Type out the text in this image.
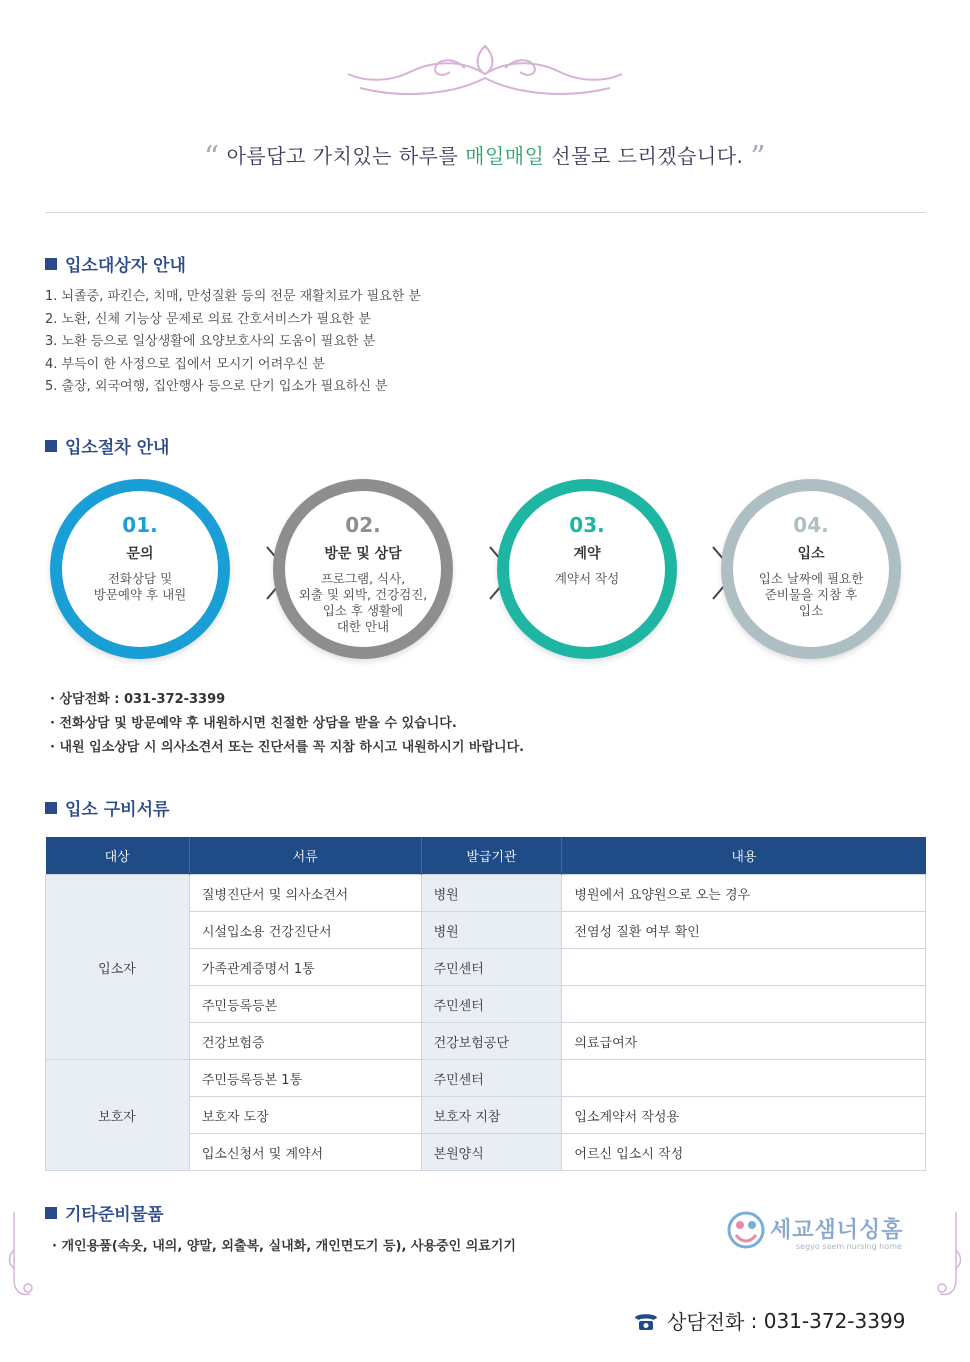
“ 아름답고 가치있는 하루를 매일매일 선물로 드리겠습니다. ”
입소대상자 안내
1. 뇌졸중, 파킨슨, 치매, 만성질환 등의 전문 재활치료가 필요한 분
2. 노환, 신체 기능상 문제로 의료 간호서비스가 필요한 분
3. 노환 등으로 일상생활에 요양보호사의 도움이 필요한 분
4. 부득이 한 사정으로 집에서 모시기 어려우신 분
5. 출장, 외국여행, 집안행사 등으로 단기 입소가 필요하신 분
입소절차 안내
01.
문의
전화상담 및
방문예약 후 내원
02.
방문 및 상담
프로그램, 식사,
외출 및 외박, 건강검진,
입소 후 생활에
대한 안내
03.
계약
계약서 작성
04.
입소
입소 날짜에 필요한
준비물을 지참 후
입소
· 상담전화 : 031-372-3399
· 전화상담 및 방문예약 후 내원하시면 친절한 상담을 받을 수 있습니다.
· 내원 입소상담 시 의사소견서 또는 진단서를 꼭 지참 하시고 내원하시기 바랍니다.
입소 구비서류
대상	서류	발급기관	내용
입소자	질병진단서 및 의사소견서	병원	병원에서 요양원으로 오는 경우
	시설입소용 건강진단서	병원	전염성 질환 여부 확인
	가족관계증명서 1통	주민센터	
	주민등록등본	주민센터	
	건강보험증	건강보험공단	의료급여자
보호자	주민등록등본 1통	주민센터	
	보호자 도장	보호자 지참	입소계약서 작성용
	입소신청서 및 계약서	본원양식	어르신 입소시 작성
기타준비물품
· 개인용품(속옷, 내의, 양말, 외출복, 실내화, 개인면도기 등), 사용중인 의료기기
세교샘너싱홈
segyo saem nursing home
상담전화 : 031-372-3399
